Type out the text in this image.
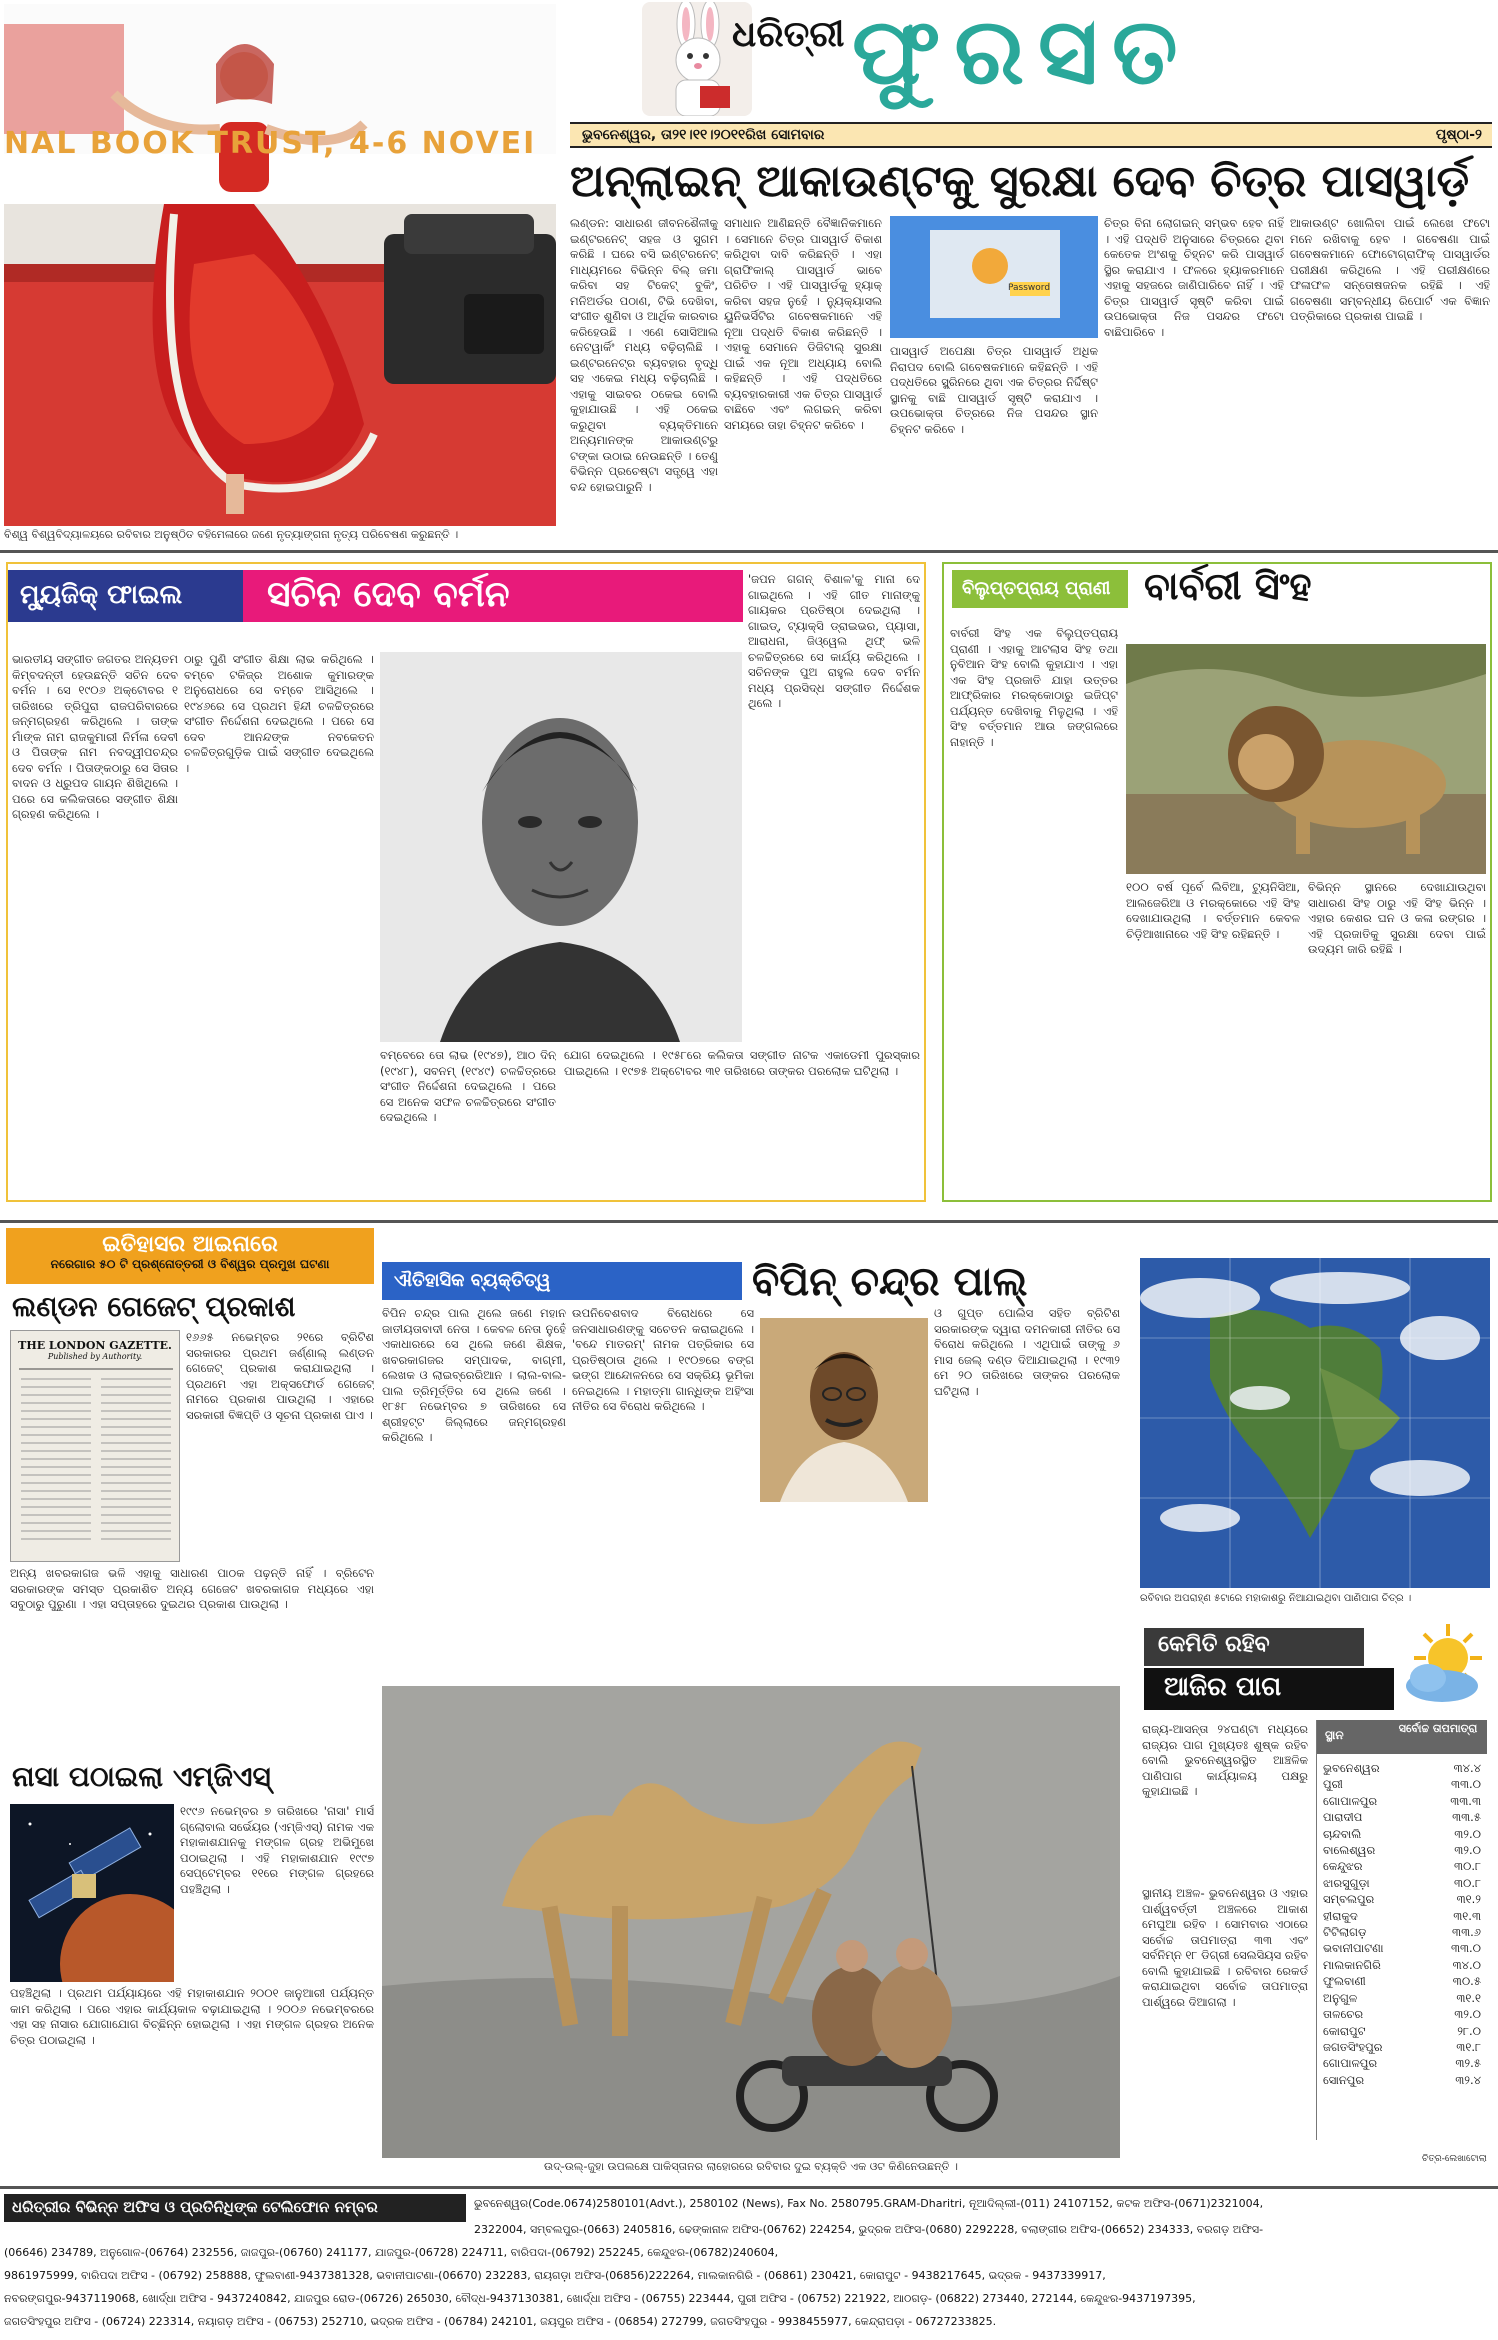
ଧରିତ୍ରୀ ଫୁରସତ
ଭୁବନେଶ୍ୱର, ତା୨୧।୧୧।୨୦୧୧ରିଖ ସୋମବାର	ପୃଷ୍ଠା-୨
NAL BOOK TRUST, 4-6 NOVEI
ବିଶ୍ୱ ବିଶ୍ୱବିଦ୍ୟାଳୟରେ ରବିବାର ଅନୁଷ୍ଠିତ ବହିମେଳାରେ ଜଣେ ନୃତ୍ୟାଙ୍ଗନା ନୃତ୍ୟ ପରିବେଷଣ କରୁଛନ୍ତି ।
ଅନ୍‌ଲାଇନ୍ ଆକାଉଣ୍ଟକୁ ସୁରକ୍ଷା ଦେବ ଚିତ୍ର ପାସୱାର୍ଡ଼
ଲଣ୍ଡନ: ସାଧାରଣ ଜୀବନଶୈଳୀକୁ ଇଣ୍ଟରନେଟ୍ ସହଜ ଓ ସୁଗମ କରିଛି । ଘରେ ବସି ଇଣ୍ଟରନେଟ୍ ମାଧ୍ୟମରେ ବିଭିନ୍ନ ବିଲ୍ ଜମା କରିବା ସହ ଟିକେଟ୍ ବୁକିଂ, ମନିଅର୍ଡର ପଠାଣ, ଟିଭି ଦେଖିବା, ସଂଗୀତ ଶୁଣିବା ଓ ଆର୍ଥିକ କାରବାର କରିହେଉଛି । ଏଣେ ସୋସିଆଲ ନେଟୱାର୍କିଂ ମଧ୍ୟ ବଢ଼ିଚାଲିଛି । ଇଣ୍ଟରନେଟ୍‌ର ବ୍ୟବହାର ବୃଦ୍ଧି ସହ ଏକେଇ ମଧ୍ୟ ବଢ଼ିଚାଲିଛି । ଏହାକୁ ସାଇବର ଠକେଇ ବୋଲି କୁହାଯାଉଛି । ଏହି ଠକେଇ କରୁଥିବା ବ୍ୟକ୍ତିମାନେ ଅନ୍ୟମାନଙ୍କ ଆକାଉଣ୍ଟରୁ ଟଙ୍କା ଉଠାଇ ନେଉଛନ୍ତି । ତେଣୁ ବିଭିନ୍ନ ପ୍ରଚେଷ୍ଟା ସତ୍ତ୍ୱେ ଏହା ବନ୍ଦ ହୋଇପାରୁନି ।
ସମାଧାନ ଆଣିଛନ୍ତି ବୈଜ୍ଞାନିକମାନେ । ସେମାନେ ଚିତ୍ର ପାସୱାର୍ଡ ବିକାଶ କରିଥିବା ଦାବି କରିଛନ୍ତି । ଏହା ଗ୍ରାଫିକାଲ୍ ପାସୱାର୍ଡ ଭାବେ ପରିଚିତ । ଏହି ପାସୱାର୍ଡକୁ ହ୍ୟାକ୍ କରିବା ସହଜ ନୁହେଁ । ନ୍ୟୁକ୍ୟାସଲ ୟୁନିଭର୍ସିଟିର ଗବେଷକମାନେ ଏହି ନୂଆ ପଦ୍ଧତି ବିକାଶ କରିଛନ୍ତି । ଏହାକୁ ସେମାନେ ଡିଜିଟାଲ୍ ସୁରକ୍ଷା ପାଇଁ ଏକ ନୂଆ ଅଧ୍ୟାୟ ବୋଲି କହିଛନ୍ତି । ଏହି ପଦ୍ଧତିରେ ବ୍ୟବହାରକାରୀ ଏକ ଚିତ୍ର ପାସୱାର୍ଡ ବାଛିବେ ଏବଂ ଲଗଇନ୍ କରିବା ସମୟରେ ତାହା ଚିହ୍ନଟ କରିବେ ।
Password
ପାସୱାର୍ଡ ଅପେକ୍ଷା ଚିତ୍ର ପାସୱାର୍ଡ ଅଧିକ ନିରାପଦ ବୋଲି ଗବେଷକମାନେ କହିଛନ୍ତି । ଏହି ପଦ୍ଧତିରେ ସ୍କ୍ରିନରେ ଥିବା ଏକ ଚିତ୍ରର ନିର୍ଦ୍ଦିଷ୍ଟ ସ୍ଥାନକୁ ବାଛି ପାସୱାର୍ଡ ସୃଷ୍ଟି କରାଯାଏ । ଉପଭୋକ୍ତା ଚିତ୍ରରେ ନିଜ ପସନ୍ଦର ସ୍ଥାନ ଚିହ୍ନଟ କରିବେ ।
ଚିତ୍ର ବିନା ଲୋଗଇନ୍ ସମ୍ଭବ ହେବ ନାହିଁ । ଏହି ପଦ୍ଧତି ଅନୁସାରେ ଚିତ୍ରରେ ଥିବା କେତେକ ଅଂଶକୁ ଚିହ୍ନଟ କରି ପାସୱାର୍ଡ ସ୍ଥିର କରାଯାଏ । ଫଳରେ ହ୍ୟାକରମାନେ ଏହାକୁ ସହଜରେ ଜାଣିପାରିବେ ନାହିଁ । ଏହି ଚିତ୍ର ପାସୱାର୍ଡ ସୃଷ୍ଟି କରିବା ପାଇଁ ଉପଭୋକ୍ତା ନିଜ ପସନ୍ଦର ଫଟୋ ବାଛିପାରିବେ ।
ଆକାଉଣ୍ଟ ଖୋଲିବା ପାଇଁ ଲେଖେ ଫଟୋ ମନେ ରଖିବାକୁ ହେବ । ଗବେଷଣା ପାଇଁ ଗବେଷକମାନେ ଫୋଟୋଗ୍ରାଫିକ୍ ପାସୱାର୍ଡର ପରୀକ୍ଷଣ କରିଥିଲେ । ଏହି ପରୀକ୍ଷଣରେ ଫଳାଫଳ ସନ୍ତୋଷଜନକ ରହିଛି । ଏହି ଗବେଷଣା ସମ୍ବନ୍ଧୀୟ ରିପୋର୍ଟ ଏକ ବିଜ୍ଞାନ ପତ୍ରିକାରେ ପ୍ରକାଶ ପାଇଛି ।
ମ୍ୟୁଜିକ୍ ଫାଇଲ	ସଚିନ ଦେବ ବର୍ମନ
ଭାରତୀୟ ସଙ୍ଗୀତ ଜଗତର ଅନ୍ୟତମ କିମ୍ବଦନ୍ତୀ ହେଉଛନ୍ତି ସଚିନ ଦେବ ବର୍ମନ । ସେ ୧୯୦୬ ଅକ୍ଟୋବର ୧ ତାରିଖରେ ତ୍ରିପୁରା ରାଜପରିବାରରେ ଜନ୍ମଗ୍ରହଣ କରିଥିଲେ । ତାଙ୍କ ମାଁଙ୍କ ନାମ ରାଜକୁମାରୀ ନିର୍ମଳା ଦେବୀ ଓ ପିତାଙ୍କ ନାମ ନବଦ୍ୱୀପଚନ୍ଦ୍ର ଦେବ ବର୍ମନ । ପିତାଙ୍କଠାରୁ ସେ ସିତାର ବାଦନ ଓ ଧ୍ରୁପଦ ଗାୟନ ଶିଖିଥିଲେ । ପରେ ସେ କଲିକତାରେ ସଙ୍ଗୀତ ଶିକ୍ଷା ଗ୍ରହଣ କରିଥିଲେ ।
ଠାରୁ ପୁଣି ସଂଗୀତ ଶିକ୍ଷା ଲାଭ କରିଥିଲେ । ବମ୍ବେ ଟକିଜ୍‌ର ଅଶୋକ କୁମାରଙ୍କ ଅନୁରୋଧରେ ସେ ବମ୍ବେ ଆସିଥିଲେ । ୧୯୪୬ରେ ସେ ପ୍ରଥମ ହିନ୍ଦୀ ଚଳଚ୍ଚିତ୍ରରେ ସଂଗୀତ ନିର୍ଦ୍ଦେଶନା ଦେଇଥିଲେ । ପରେ ସେ ଦେବ ଆନନ୍ଦଙ୍କ ନବକେତନ ଚଳଚ୍ଚିତ୍ରଗୁଡ଼ିକ ପାଇଁ ସଙ୍ଗୀତ ଦେଇଥିଲେ ।
'ଜପନ ଗଗନ୍ ବିଶାଳ'କୁ ମାନା ଦେ ଗାଇଥିଲେ । ଏହି ଗୀତ ମାନାଙ୍କୁ ଗାୟକର ପ୍ରତିଷ୍ଠା ଦେଇଥିଲା । ଗାଇଡ୍, ଟ୍ୟାକ୍ସି ଡ୍ରାଇଭର, ପ୍ୟାସା, ଆରାଧନା, ଜିଓ୍ୱେଲ ଥିଫ୍ ଭଳି ଚଳଚ୍ଚିତ୍ରରେ ସେ କାର୍ଯ୍ୟ କରିଥିଲେ । ସଚିନଙ୍କ ପୁଅ ରାହୁଲ ଦେବ ବର୍ମନ ମଧ୍ୟ ପ୍ରସିଦ୍ଧ ସଙ୍ଗୀତ ନିର୍ଦ୍ଦେଶକ ଥିଲେ ।
ବମ୍ବେରେ ତୋ ଲାଭ (୧୯୪୭), ଆଠ ଦିନ୍ (୧୯୪୮), ସବନମ୍ (୧୯୪୯) ଚଳଚ୍ଚିତ୍ରରେ ସଂଗୀତ ନିର୍ଦ୍ଦେଶନା ଦେଇଥିଲେ । ପରେ ସେ ଅନେକ ସଫଳ ଚଳଚ୍ଚିତ୍ରରେ ସଂଗୀତ ଦେଇଥିଲେ ।
ଯୋଗ ଦେଇଥିଲେ । ୧୯୫୮ରେ କଲିକତା ସଙ୍ଗୀତ ନାଟକ ଏକାଡେମୀ ପୁରସ୍କାର ପାଇଥିଲେ । ୧୯୭୫ ଅକ୍ଟୋବର ୩୧ ତାରିଖରେ ତାଙ୍କର ପରଲୋକ ଘଟିଥିଲା ।
ବିଲୁପ୍ତପ୍ରାୟ ପ୍ରାଣୀ ବାର୍ବରୀ ସିଂହ
ବାର୍ବରୀ ସିଂହ ଏକ ବିଲୁପ୍ତପ୍ରାୟ ପ୍ରାଣୀ । ଏହାକୁ ଆଟଲାସ ସିଂହ ତଥା ନୁବିଆନ ସିଂହ ବୋଲି କୁହାଯାଏ । ଏହା ଏକ ସିଂହ ପ୍ରଜାତି ଯାହା ଉତ୍ତର ଆଫ୍ରିକାର ମରକ୍କୋଠାରୁ ଇଜିପ୍ଟ ପର୍ଯ୍ୟନ୍ତ ଦେଖିବାକୁ ମିଳୁଥିଲା । ଏହି ସିଂହ ବର୍ତ୍ତମାନ ଆଉ ଜଙ୍ଗଲରେ ନାହାନ୍ତି ।
୧୦୦ ବର୍ଷ ପୂର୍ବେ ଲିବିଆ, ଟ୍ୟୁନିସିଆ, ଆଲଜେରିଆ ଓ ମରକ୍କୋରେ ଏହି ସିଂହ ଦେଖାଯାଉଥିଲା । ବର୍ତ୍ତମାନ କେବଳ ଚିଡ଼ିଆଖାନାରେ ଏହି ସିଂହ ରହିଛନ୍ତି ।
ବିଭିନ୍ନ ସ୍ଥାନରେ ଦେଖାଯାଉଥିବା ସାଧାରଣ ସିଂହ ଠାରୁ ଏହି ସିଂହ ଭିନ୍ନ । ଏହାର କେଶର ଘନ ଓ କଳା ରଙ୍ଗର । ଏହି ପ୍ରଜାତିକୁ ସୁରକ୍ଷା ଦେବା ପାଇଁ ଉଦ୍ୟମ ଜାରି ରହିଛି ।
ଇତିହାସର ଆଇନାରେ
ନରେଗାର ୫୦ ଟି ପ୍ରଶ୍ନୋତ୍ତରୀ ଓ ବିଶ୍ୱର ପ୍ରମୁଖ ଘଟଣା
ଲଣ୍ଡନ ଗେଜେଟ୍ ପ୍ରକାଶ
THE LONDON GAZETTE.
Published by Authority.
୧୬୬୫ ନଭେମ୍ବର ୨୧ରେ ବ୍ରିଟିଶ ସରକାରର ପ୍ରଥମ ଜର୍ଣ୍ଣାଲ୍ ଲଣ୍ଡନ ଗେଜେଟ୍ ପ୍ରକାଶ କରାଯାଇଥିଲା । ପ୍ରଥମେ ଏହା ଅକ୍ସଫୋର୍ଡ ଗେଜେଟ୍ ନାମରେ ପ୍ରକାଶ ପାଉଥିଲା । ଏହାରେ ସରକାରୀ ବିଜ୍ଞପ୍ତି ଓ ସୂଚନା ପ୍ରକାଶ ପାଏ ।
ଅନ୍ୟ ଖବରକାଗଜ ଭଳି ଏହାକୁ ସାଧାରଣ ପାଠକ ପଢ଼ନ୍ତି ନାହିଁ । ବ୍ରିଟେନ ସରକାରଙ୍କ ସମସ୍ତ ପ୍ରକାଶିତ ଅନ୍ୟ ଗେଜେଟ ଖବରକାଗଜ ମଧ୍ୟରେ ଏହା ସବୁଠାରୁ ପୁରୁଣା । ଏହା ସପ୍ତାହରେ ଦୁଇଥର ପ୍ରକାଶ ପାଉଥିଲା ।
ନାସା ପଠାଇଲା ଏମ୍‌ଜିଏସ୍
୧୯୯୬ ନଭେମ୍ବର ୭ ତାରିଖରେ 'ନାସା' ମାର୍ସ ଗ୍ଲୋବାଲ ସର୍ଭେୟର (ଏମ୍‌ଜିଏସ୍) ନାମକ ଏକ ମହାକାଶଯାନକୁ ମଙ୍ଗଳ ଗ୍ରହ ଅଭିମୁଖେ ପଠାଇଥିଲା । ଏହି ମହାକାଶଯାନ ୧୯୯୭ ସେପ୍ଟେମ୍ବର ୧୧ରେ ମଙ୍ଗଳ ଗ୍ରହରେ ପହଞ୍ଚିଥିଲା ।
ପହଞ୍ଚିଥିଲା । ପ୍ରଥମ ପର୍ଯ୍ୟାୟରେ ଏହି ମହାକାଶଯାନ ୨୦୦୧ ଜାନୁଆରୀ ପର୍ଯ୍ୟନ୍ତ କାମ କରିଥିଲା । ପରେ ଏହାର କାର୍ଯ୍ୟକାଳ ବଢ଼ାଯାଇଥିଲା । ୨୦୦୬ ନଭେମ୍ବରରେ ଏହା ସହ ନାସାର ଯୋଗାଯୋଗ ବିଚ୍ଛିନ୍ନ ହୋଇଥିଲା । ଏହା ମଙ୍ଗଳ ଗ୍ରହର ଅନେକ ଚିତ୍ର ପଠାଇଥିଲା ।
ଐତିହାସିକ ବ୍ୟକ୍ତିତ୍ୱ	ବିପିନ୍ ଚନ୍ଦ୍ର ପାଲ୍
ବିପିନ ଚନ୍ଦ୍ର ପାଲ ଥିଲେ ଜଣେ ମହାନ ଜାତୀୟତାବାଦୀ ନେତା । କେବଳ ନେତା ନୁହେଁ ଏକାଧାରରେ ସେ ଥିଲେ ଜଣେ ଶିକ୍ଷକ, ଖବରକାଗଜର ସମ୍ପାଦକ, ବାଗ୍ମୀ, ଲେଖକ ଓ ଲାଇବ୍ରେରିଆନ । ଲାଲ-ବାଲ-ପାଲ ତ୍ରିମୂର୍ତ୍ତିର ସେ ଥିଲେ ଜଣେ । ୧୮୫୮ ନଭେମ୍ବର ୭ ତାରିଖରେ ସେ ଶ୍ରୀହଟ୍ଟ ଜିଲ୍ଲାରେ ଜନ୍ମଗ୍ରହଣ କରିଥିଲେ ।
ଉପନିବେଶବାଦ ବିରୋଧରେ ସେ ଜନସାଧାରଣଙ୍କୁ ସଚେତନ କରାଇଥିଲେ । 'ବନ୍ଦେ ମାତରମ୍' ନାମକ ପତ୍ରିକାର ସେ ପ୍ରତିଷ୍ଠାତା ଥିଲେ । ୧୯୦୭ରେ ବଙ୍ଗ ଭଙ୍ଗ ଆନ୍ଦୋଳନରେ ସେ ସକ୍ରିୟ ଭୂମିକା ନେଇଥିଲେ । ମହାତ୍ମା ଗାନ୍ଧିଙ୍କ ଅହିଂସା ନୀତିର ସେ ବିରୋଧ କରିଥିଲେ ।
ଓ ଗୁପ୍ତ ପୋଲିସ ସହିତ ବ୍ରିଟିଶ ସରକାରଙ୍କ ଦ୍ୱାରା ଦମନକାରୀ ନୀତିର ସେ ବିରୋଧ କରିଥିଲେ । ଏଥିପାଇଁ ତାଙ୍କୁ ୬ ମାସ ଜେଲ୍ ଦଣ୍ଡ ଦିଆଯାଇଥିଲା । ୧୯୩୨ ମେ ୨୦ ତାରିଖରେ ତାଙ୍କର ପରଲୋକ ଘଟିଥିଲା ।
ଉଦ୍-ଉଲ୍-ଜୁହା ଉପଲକ୍ଷେ ପାକିସ୍ତାନର ଲାହୋରରେ ରବିବାର ଦୁଇ ବ୍ୟକ୍ତି ଏକ ଓଟ କିଣିନେଉଛନ୍ତି ।
ରବିବାର ଅପରାହ୍ଣ ୫ଟାରେ ମହାକାଶରୁ ନିଆଯାଇଥିବା ପାଣିପାଗ ଚିତ୍ର ।
କେମିତି ରହିବ
ଆଜିର ପାଗ
ରାଜ୍ୟ-ଆସନ୍ତା ୨୪ଘଣ୍ଟା ମଧ୍ୟରେ ରାଜ୍ୟର ପାଗ ମୁଖ୍ୟତଃ ଶୁଷ୍କ ରହିବ ବୋଲି ଭୁବନେଶ୍ୱରସ୍ଥିତ ଆଞ୍ଚଳିକ ପାଣିପାଗ କାର୍ଯ୍ୟାଳୟ ପକ୍ଷରୁ କୁହାଯାଇଛି ।
ସ୍ଥାନୀୟ ଅଞ୍ଚଳ- ଭୁବନେଶ୍ୱର ଓ ଏହାର ପାର୍ଶ୍ୱବର୍ତ୍ତୀ ଅଞ୍ଚଳରେ ଆକାଶ ମେଘୁଆ ରହିବ । ସୋମବାର ଏଠାରେ ସର୍ବୋଚ୍ଚ ତାପମାତ୍ରା ୩୩ ଏବଂ ସର୍ବନିମ୍ନ ୧୮ ଡିଗ୍ରୀ ସେଲସିୟସ ରହିବ ବୋଲି କୁହାଯାଇଛି । ରବିବାର ରେକର୍ଡ କରାଯାଇଥିବା ସର୍ବୋଚ୍ଚ ତାପମାତ୍ରା ପାର୍ଶ୍ୱରେ ଦିଆଗଲା ।
ସ୍ଥାନ	ସର୍ବୋଚ୍ଚ ତାପମାତ୍ରା
ଭୁବନେଶ୍ୱର	୩୪.୪
ପୁରୀ	୩୩.୦
ଗୋପାଳପୁର	୩୩.୩
ପାରାଦୀପ	୩୩.୫
ଚାନ୍ଦବାଲି	୩୨.୦
ବାଲେଶ୍ୱର	୩୨.୦
କେନ୍ଦୁଝର	୩୦.୮
ଝାରସୁଗୁଡ଼ା	୩୦.୮
ସମ୍ବଲପୁର	୩୧.୨
ହୀରାକୁଦ	୩୧.୩
ଟିଟିଲାଗଡ଼	୩୩.୬
ଭବାନୀପାଟଣା	୩୩.୦
ମାଲକାନଗିରି	୩୪.୦
ଫୁଲବାଣୀ	୩୦.୫
ଅନୁଗୁଳ	୩୧.୧
ତାଳଚେର	୩୨.୦
କୋରାପୁଟ	୨୮.୦
ଜଗତସିଂହପୁର	୩୧.୮
ଗୋପାଳପୁର	୩୨.୫
ସୋନପୁର	୩୨.୪
ଚିତ୍ର-ଲେଖାଟୋଲା
ଧରିତ୍ରୀର ବିଭିନ୍ନ ଅଫିସ ଓ ପ୍ରତିନିଧିଙ୍କ ଟେଲିଫୋନ ନମ୍ବର	ଭୁବନେଶ୍ୱର(Code.0674)2580101(Advt.), 2580102 (News), Fax No. 2580795.GRAM-Dharitri, ନୂଆଦିଲ୍ଲୀ-(011) 24107152, କଟକ ଅଫିସ-(0671)2321004,
2322004, ସମ୍ବଲପୁର-(0663) 2405816, ଢେଙ୍କାନାଳ ଅଫିସ-(06762) 224254, ଭୁଦ୍ରକ ଅଫିସ-(0680) 2292228, ବଲାଙ୍ଗୀର ଅଫିସ-(06652) 234333, ବରଗଡ଼ ଅଫିସ-
(06646) 234789, ଅନୁଗୋଳ-(06764) 232556, ଜାଜପୁର-(06760) 241177, ଯାଜପୁର-(06728) 224711, ବାରିପଦା-(06792) 252245, କେନ୍ଦୁଝର-(06782)240604,
9861975999, ବାରିପଦା ଅଫିସ - (06792) 258888, ଫୁଲବାଣୀ-9437381328, ଭବାନୀପାଟଣା-(06670) 232283, ରାୟଗଡ଼ା ଅଫିସ-(06856)222264, ମାଲକାନଗିରି - (06861) 230421, କୋରାପୁଟ - 9438217645, ଭଦ୍ରକ - 9437339917,
ନବରଙ୍ଗପୁର-9437119068, ଖୋର୍ଦ୍ଧା ଅଫିସ - 9437240842, ଯାଜପୁର ରୋଡ-(06726) 265030, ବୌଦ୍ଧ-9437130381, ଖୋର୍ଦ୍ଧା ଅଫିସ - (06755) 223444, ପୁରୀ ଅଫିସ - (06752) 221922, ଆଠଗଡ଼- (06822) 273440, 272144, କେନ୍ଦୁଝର-9437197395,
ଜଗତସିଂହପୁର ଅଫିସ - (06724) 223314, ନୟାଗଡ଼ ଅଫିସ - (06753) 252710, ଭଦ୍ରକ ଅଫିସ - (06784) 242101, ଜୟପୁର ଅଫିସ - (06854) 272799, ଜଗତସିଂହପୁର - 9938455977, କେନ୍ଦ୍ରାପଡ଼ା - 06727233825.
